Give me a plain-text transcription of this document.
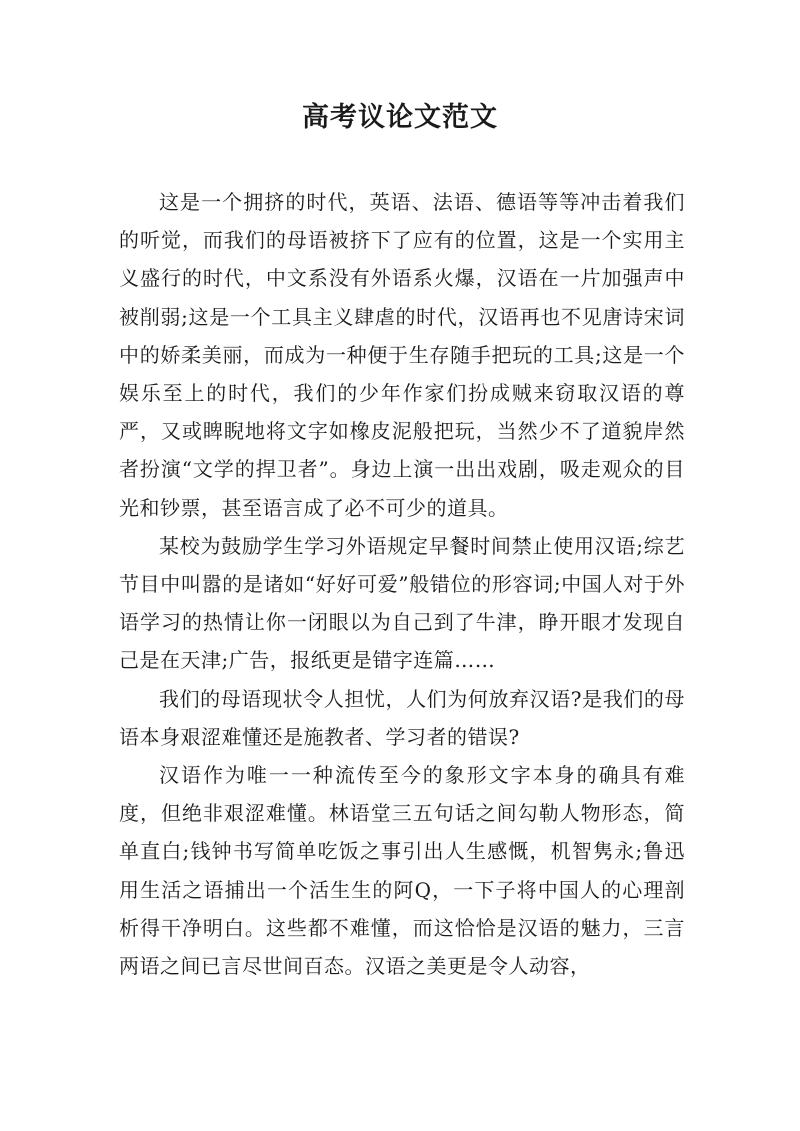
高考议论文范文

这是一个拥挤的时代，英语、法语、德语等等冲击着我们的听觉，而我们的母语被挤下了应有的位置，这是一个实用主义盛行的时代，中文系没有外语系火爆，汉语在一片加强声中被削弱;这是一个工具主义肆虐的时代，汉语再也不见唐诗宋词中的娇柔美丽，而成为一种便于生存随手把玩的工具;这是一个娱乐至上的时代，我们的少年作家们扮成贼来窃取汉语的尊严，又或睥睨地将文字如橡皮泥般把玩，当然少不了道貌岸然者扮演“文学的捍卫者”。身边上演一出出戏剧，吸走观众的目光和钞票，甚至语言成了必不可少的道具。

某校为鼓励学生学习外语规定早餐时间禁止使用汉语;综艺节目中叫嚣的是诸如“好好可爱”般错位的形容词;中国人对于外语学习的热情让你一闭眼以为自己到了牛津，睁开眼才发现自己是在天津;广告，报纸更是错字连篇……

我们的母语现状令人担忧，人们为何放弃汉语?是我们的母语本身艰涩难懂还是施教者、学习者的错误?

汉语作为唯一一种流传至今的象形文字本身的确具有难度，但绝非艰涩难懂。林语堂三五句话之间勾勒人物形态，简单直白;钱钟书写简单吃饭之事引出人生感慨，机智隽永;鲁迅用生活之语捕出一个活生生的阿Q，一下子将中国人的心理剖析得干净明白。这些都不难懂，而这恰恰是汉语的魅力，三言两语之间已言尽世间百态。汉语之美更是令人动容，
